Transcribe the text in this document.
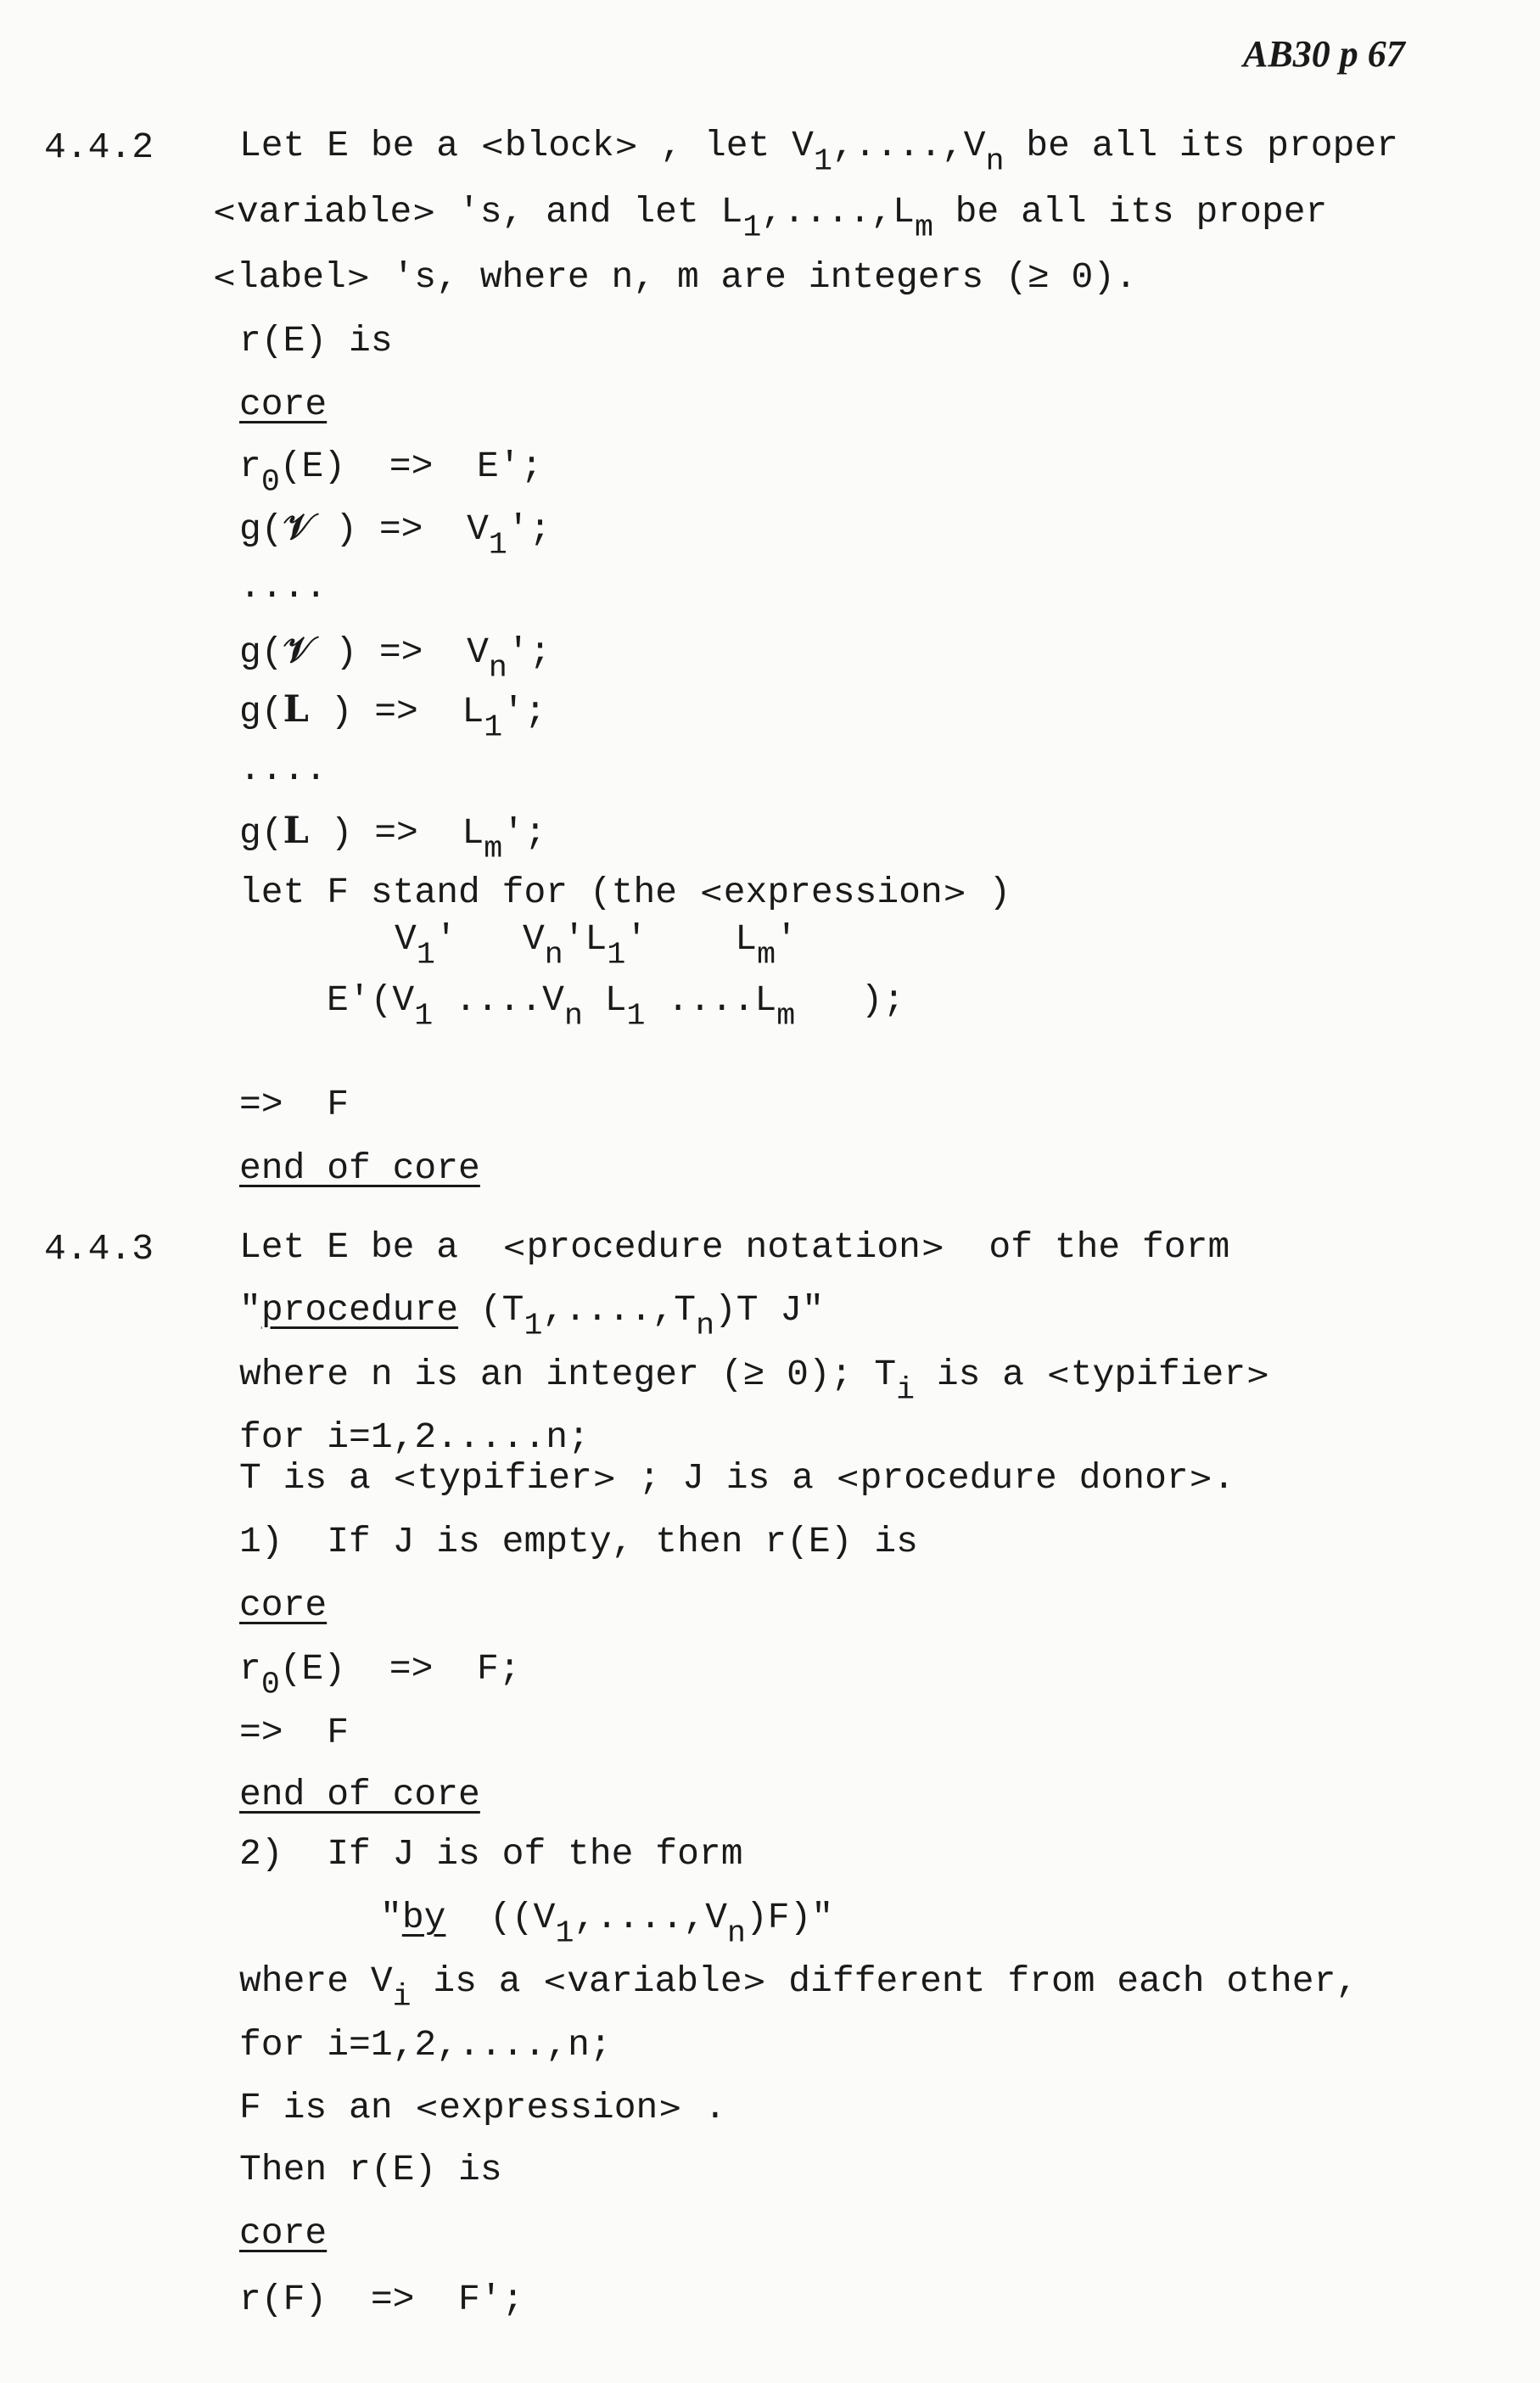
AB30 p 67
4.4.2 Let E be a <block> , let $V_1,....,V_n$ be all its proper
<variable> 's, and let $L_1,....,L_m$ be all its proper
<label> 's, where n, m are integers (≥ 0).
r(E) is
core
$r_0(E) => E'$;
g(𝒱 ) =>  $V_1'$;
....
g(𝒱 ) =>  $V_n'$;
g(𝐋 ) =>  $L_1'$;
....
g(𝐋 ) =>  $L_m'$;
let F stand for (the <expression> )
$V_1'$   $V_n'L_1'$    $L_m'$
$E'(V_1$ $....V_n$ $L_1$ $....L_m$   );
=>  F
end of core
4.4.3 Let E be a  <procedure notation>  of the form
"procedure $(T_1,....,T_n)T$ J"
where n is an integer (≥ 0); $T_i$ is a <typifier>
for i=1,2.....n;
T is a <typifier> ; J is a <procedure donor>.
1)  If J is empty, then r(E) is
core
$r_0(E) => F$;
=>  F
end of core
2)  If J is of the form
"by  $((V_1,....,V_n)F)$"
where $V_i$ is a <variable> different from each other,
for i=1,2,....,n;
F is an <expression> .
Then r(E) is
core
r(F)  =>  F';
